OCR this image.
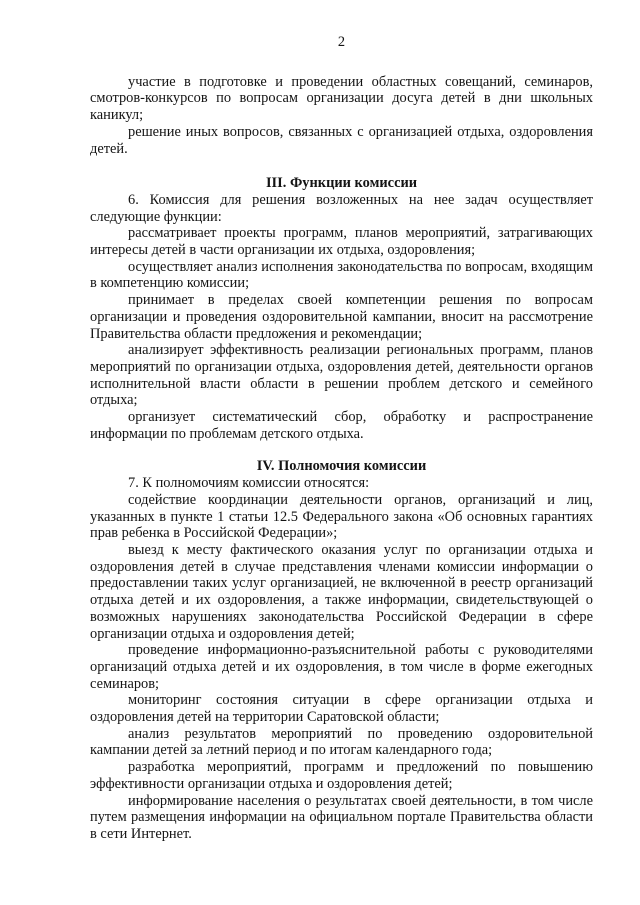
2

участие в подготовке и проведении областных совещаний, семинаров, смотров-конкурсов по вопросам организации досуга детей в дни школьных каникул;

решение иных вопросов, связанных с организацией отдыха, оздоровления детей.

III. Функции комиссии

6. Комиссия для решения возложенных на нее задач осуществляет следующие функции:

рассматривает проекты программ, планов мероприятий, затрагивающих интересы детей в части организации их отдыха, оздоровления;

осуществляет анализ исполнения законодательства по вопросам, входящим в компетенцию комиссии;

принимает в пределах своей компетенции решения по вопросам организации и проведения оздоровительной кампании, вносит на рассмотрение Правительства области предложения и рекомендации;

анализирует эффективность реализации региональных программ, планов мероприятий по организации отдыха, оздоровления детей, деятельности органов исполнительной власти области в решении проблем детского и семейного отдыха;

организует систематический сбор, обработку и распространение информации по проблемам детского отдыха.

IV. Полномочия комиссии

7. К полномочиям комиссии относятся:

содействие координации деятельности органов, организаций и лиц, указанных в пункте 1 статьи 12.5 Федерального закона «Об основных гарантиях прав ребенка в Российской Федерации»;

выезд к месту фактического оказания услуг по организации отдыха и оздоровления детей в случае представления членами комиссии информации о предоставлении таких услуг организацией, не включенной в реестр организаций отдыха детей и их оздоровления, а также информации, свидетельствующей о возможных нарушениях законодательства Российской Федерации в сфере организации отдыха и оздоровления детей;

проведение информационно-разъяснительной работы с руководителями организаций отдыха детей и их оздоровления, в том числе в форме ежегодных семинаров;

мониторинг состояния ситуации в сфере организации отдыха и оздоровления детей на территории Саратовской области;

анализ результатов мероприятий по проведению оздоровительной кампании детей за летний период и по итогам календарного года;

разработка мероприятий, программ и предложений по повышению эффективности организации отдыха и оздоровления детей;

информирование населения о результатах своей деятельности, в том числе путем размещения информации на официальном портале Правительства области в сети Интернет.
